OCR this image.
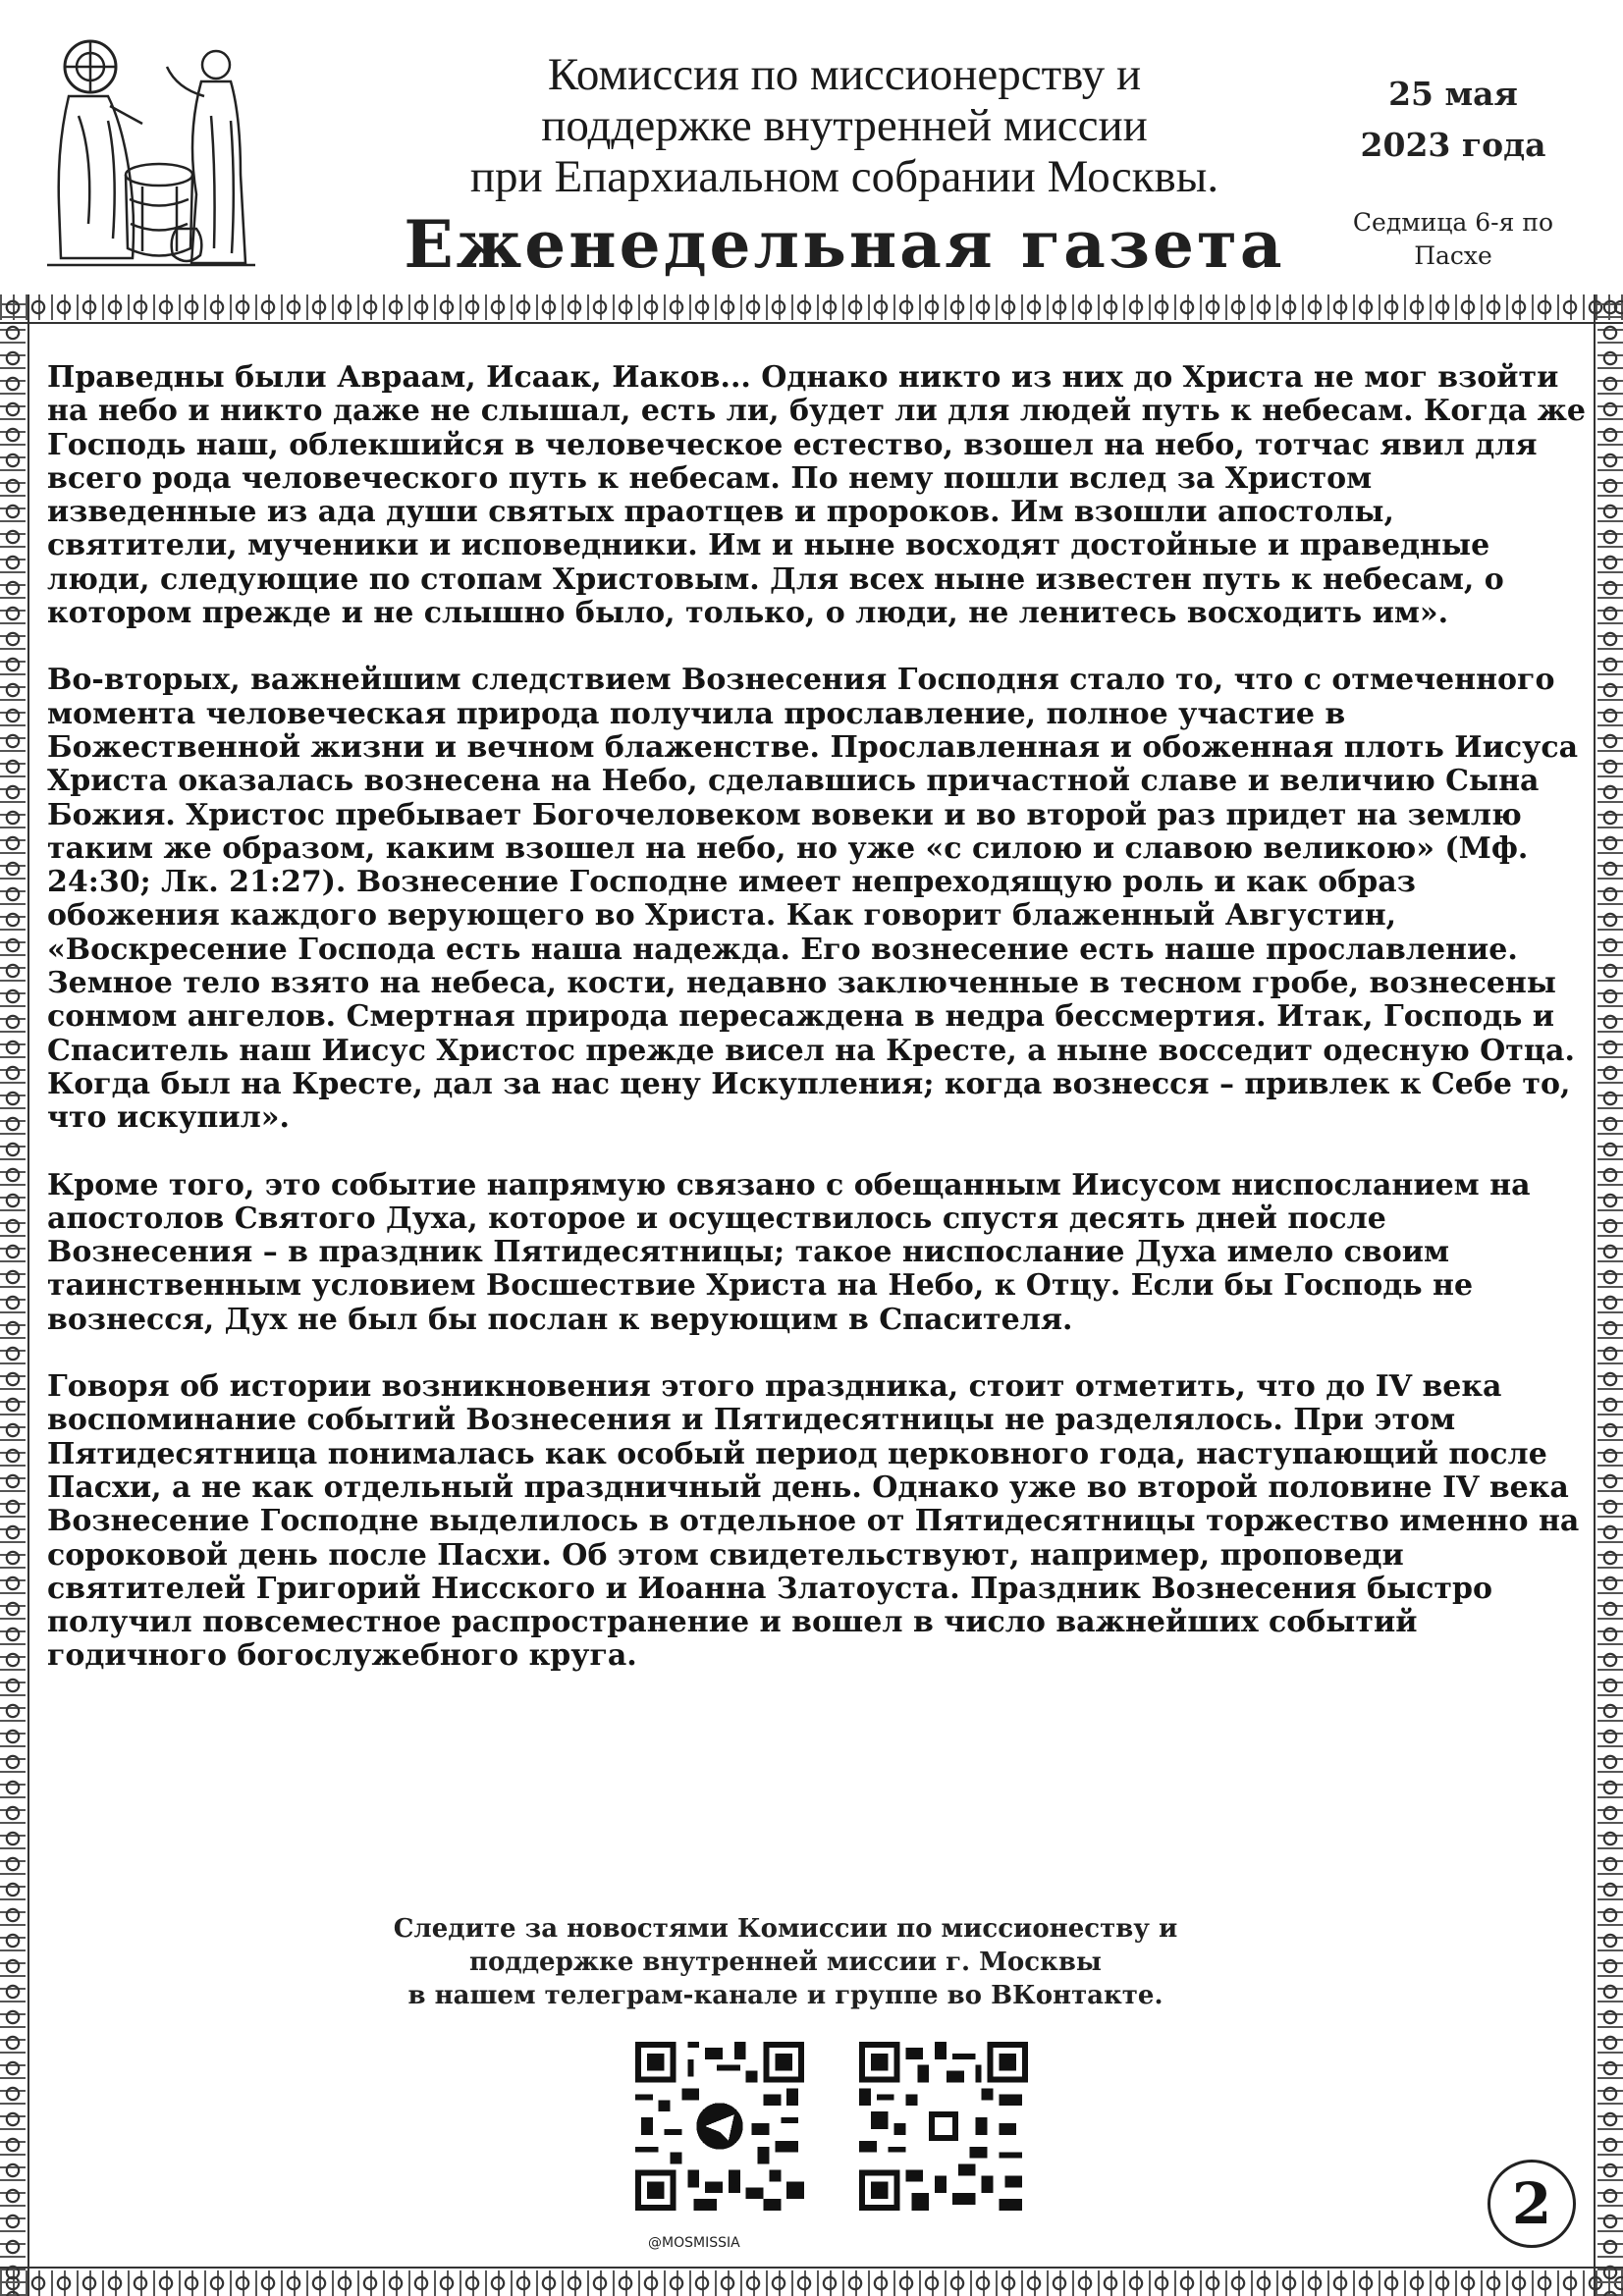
Комиссия по миссионерству и
поддержке внутренней миссии
при Епархиальном собрании Москвы.
Еженедельная газета
25 мая
2023 года
Седмица 6-я по
Пасхе

Праведны были Авраам, Исаак, Иаков... Однако никто из них до Христа не мог взойти на небо и никто даже не слышал, есть ли, будет ли для людей путь к небесам. Когда же Господь наш, облекшийся в человеческое естество, взошел на небо, тотчас явил для всего рода человеческого путь к небесам. По нему пошли вслед за Христом изведенные из ада души святых праотцев и пророков. Им взошли апостолы, святители, мученики и исповедники. Им и ныне восходят достойные и праведные люди, следующие по стопам Христовым. Для всех ныне известен путь к небесам, о котором прежде и не слышно было, только, о люди, не ленитесь восходить им».

Во-вторых, важнейшим следствием Вознесения Господня стало то, что с отмеченного момента человеческая природа получила прославление, полное участие в Божественной жизни и вечном блаженстве. Прославленная и обоженная плоть Иисуса Христа оказалась вознесена на Небо, сделавшись причастной славе и величию Сына Божия. Христос пребывает Богочеловеком вовеки и во второй раз придет на землю таким же образом, каким взошел на небо, но уже «с силою и славою великою» (Мф. 24:30; Лк. 21:27). Вознесение Господне имеет непреходящую роль и как образ обожения каждого верующего во Христа. Как говорит блаженный Августин, «Воскресение Господа есть наша надежда. Его вознесение есть наше прославление. Земное тело взято на небеса, кости, недавно заключенные в тесном гробе, вознесены сонмом ангелов. Смертная природа пересаждена в недра бессмертия. Итак, Господь и Спаситель наш Иисус Христос прежде висел на Кресте, а ныне восседит одесную Отца. Когда был на Кресте, дал за нас цену Искупления; когда вознесся – привлек к Себе то, что искупил».

Кроме того, это событие напрямую связано с обещанным Иисусом ниспосланием на апостолов Святого Духа, которое и осуществилось спустя десять дней после Вознесения – в праздник Пятидесятницы; такое ниспослание Духа имело своим таинственным условием Восшествие Христа на Небо, к Отцу. Если бы Господь не вознесся, Дух не был бы послан к верующим в Спасителя.

Говоря об истории возникновения этого праздника, стоит отметить, что до IV века воспоминание событий Вознесения и Пятидесятницы не разделялось. При этом Пятидесятница понималась как особый период церковного года, наступающий после Пасхи, а не как отдельный праздничный день. Однако уже во второй половине IV века Вознесение Господне выделилось в отдельное от Пятидесятницы торжество именно на сороковой день после Пасхи. Об этом свидетельствуют, например, проповеди святителей Григорий Нисского и Иоанна Златоуста. Праздник Вознесения быстро получил повсеместное распространение и вошел в число важнейших событий годичного богослужебного круга.

Следите за новостями Комиссии по миссионеству и
поддержке внутренней миссии г. Москвы
в нашем телеграм-канале и группе во ВКонтакте.
@MOSMISSIA
2
